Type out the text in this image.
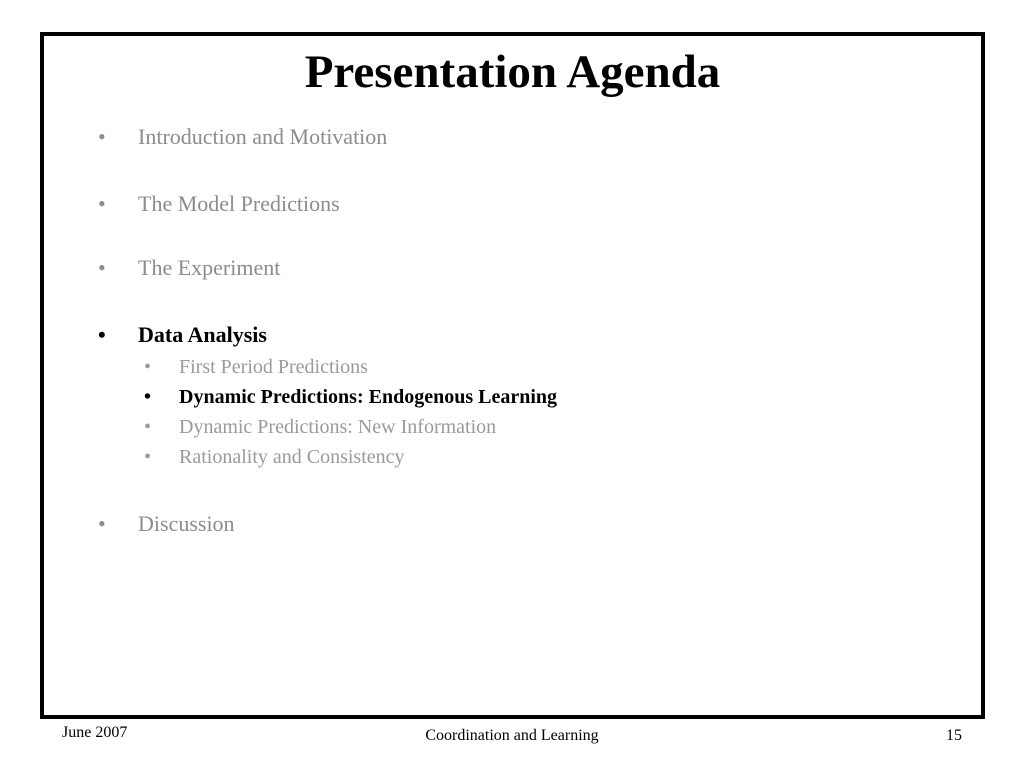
Presentation Agenda
• Introduction and Motivation
• The Model Predictions
• The Experiment
• Data Analysis
• First Period Predictions
• Dynamic Predictions: Endogenous Learning
• Dynamic Predictions: New Information
• Rationality and Consistency
• Discussion
June 2007	Coordination and Learning	15
